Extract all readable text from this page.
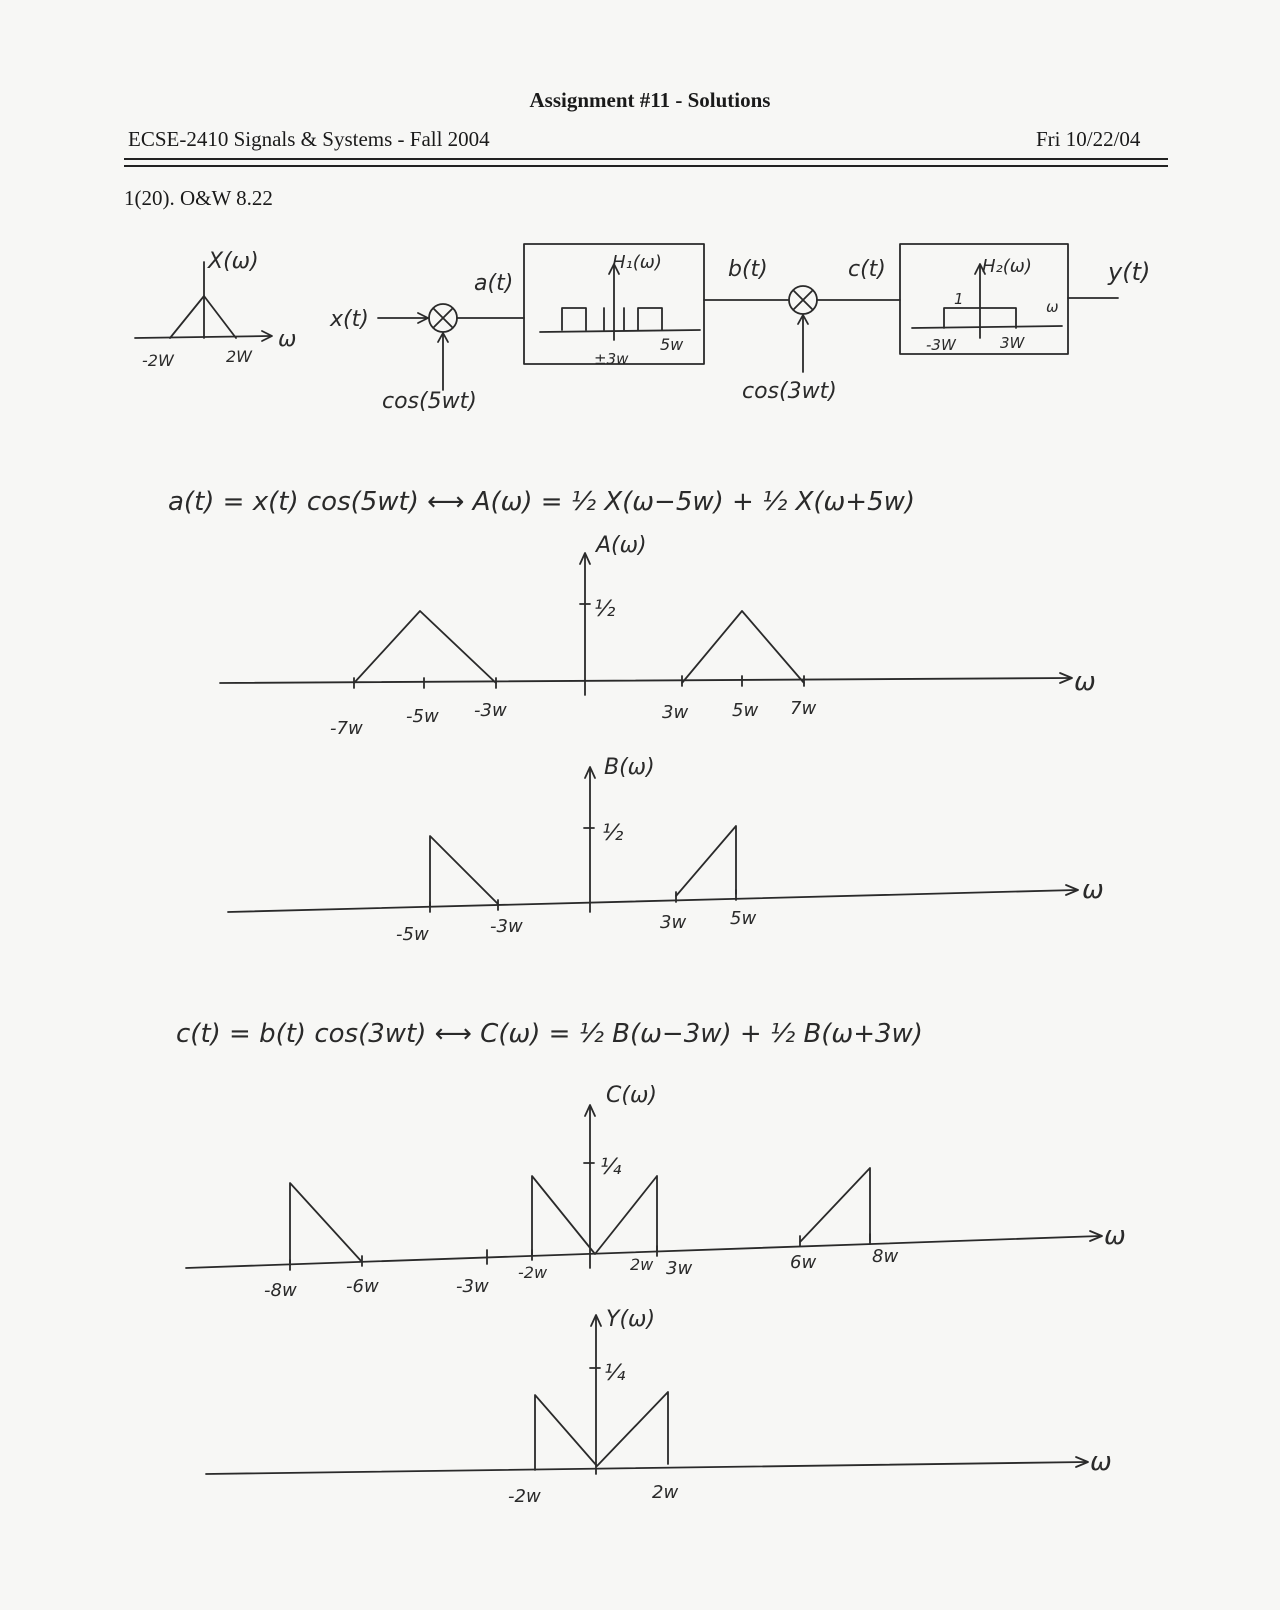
Assignment #11 - Solutions
ECSE-2410 Signals & Systems - Fall 2004	Fri 10/22/04
1(20). O&W 8.22
X(ω)
ω
-2W	2W
x(t)
cos(5wt)
a(t)
H₁(ω)
±3w
5w
b(t)
cos(3wt)
c(t)	H₂(ω)
-3W	3W
1	ω
y(t)
a(t) = x(t) cos(5wt) ⟷ A(ω) = ½ X(ω−5w) + ½ X(ω+5w)
c(t) = b(t) cos(3wt) ⟷ C(ω) = ½ B(ω−3w) + ½ B(ω+3w)
A(ω)
½
ω
-7w
-5w -3w	3w 5w 7w
B(ω)
½
ω
-5w	-3w	3w 5w
C(ω)
¼
ω
-8w	-6w	-3w
-2w	2w 3w	6w	8w
Y(ω)
¼
ω
-2w	2w
